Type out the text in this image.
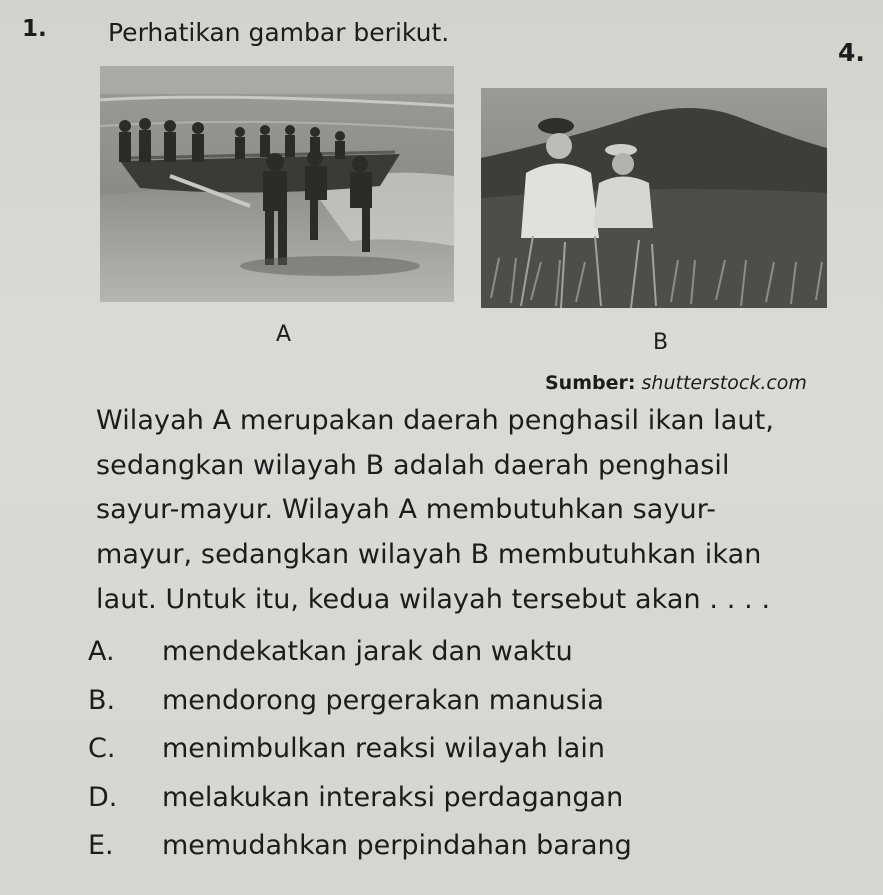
1. Perhatikan gambar berikut.
4.
A	B
Sumber: shutterstock.com
Wilayah A merupakan daerah penghasil ikan laut,
sedangkan wilayah B adalah daerah penghasil
sayur-mayur. Wilayah A membutuhkan sayur-
mayur, sedangkan wilayah B membutuhkan ikan
laut. Untuk itu, kedua wilayah tersebut akan . . . .
A. mendekatkan jarak dan waktu
B. mendorong pergerakan manusia
C. menimbulkan reaksi wilayah lain
D. melakukan interaksi perdagangan
E. memudahkan perpindahan barang
